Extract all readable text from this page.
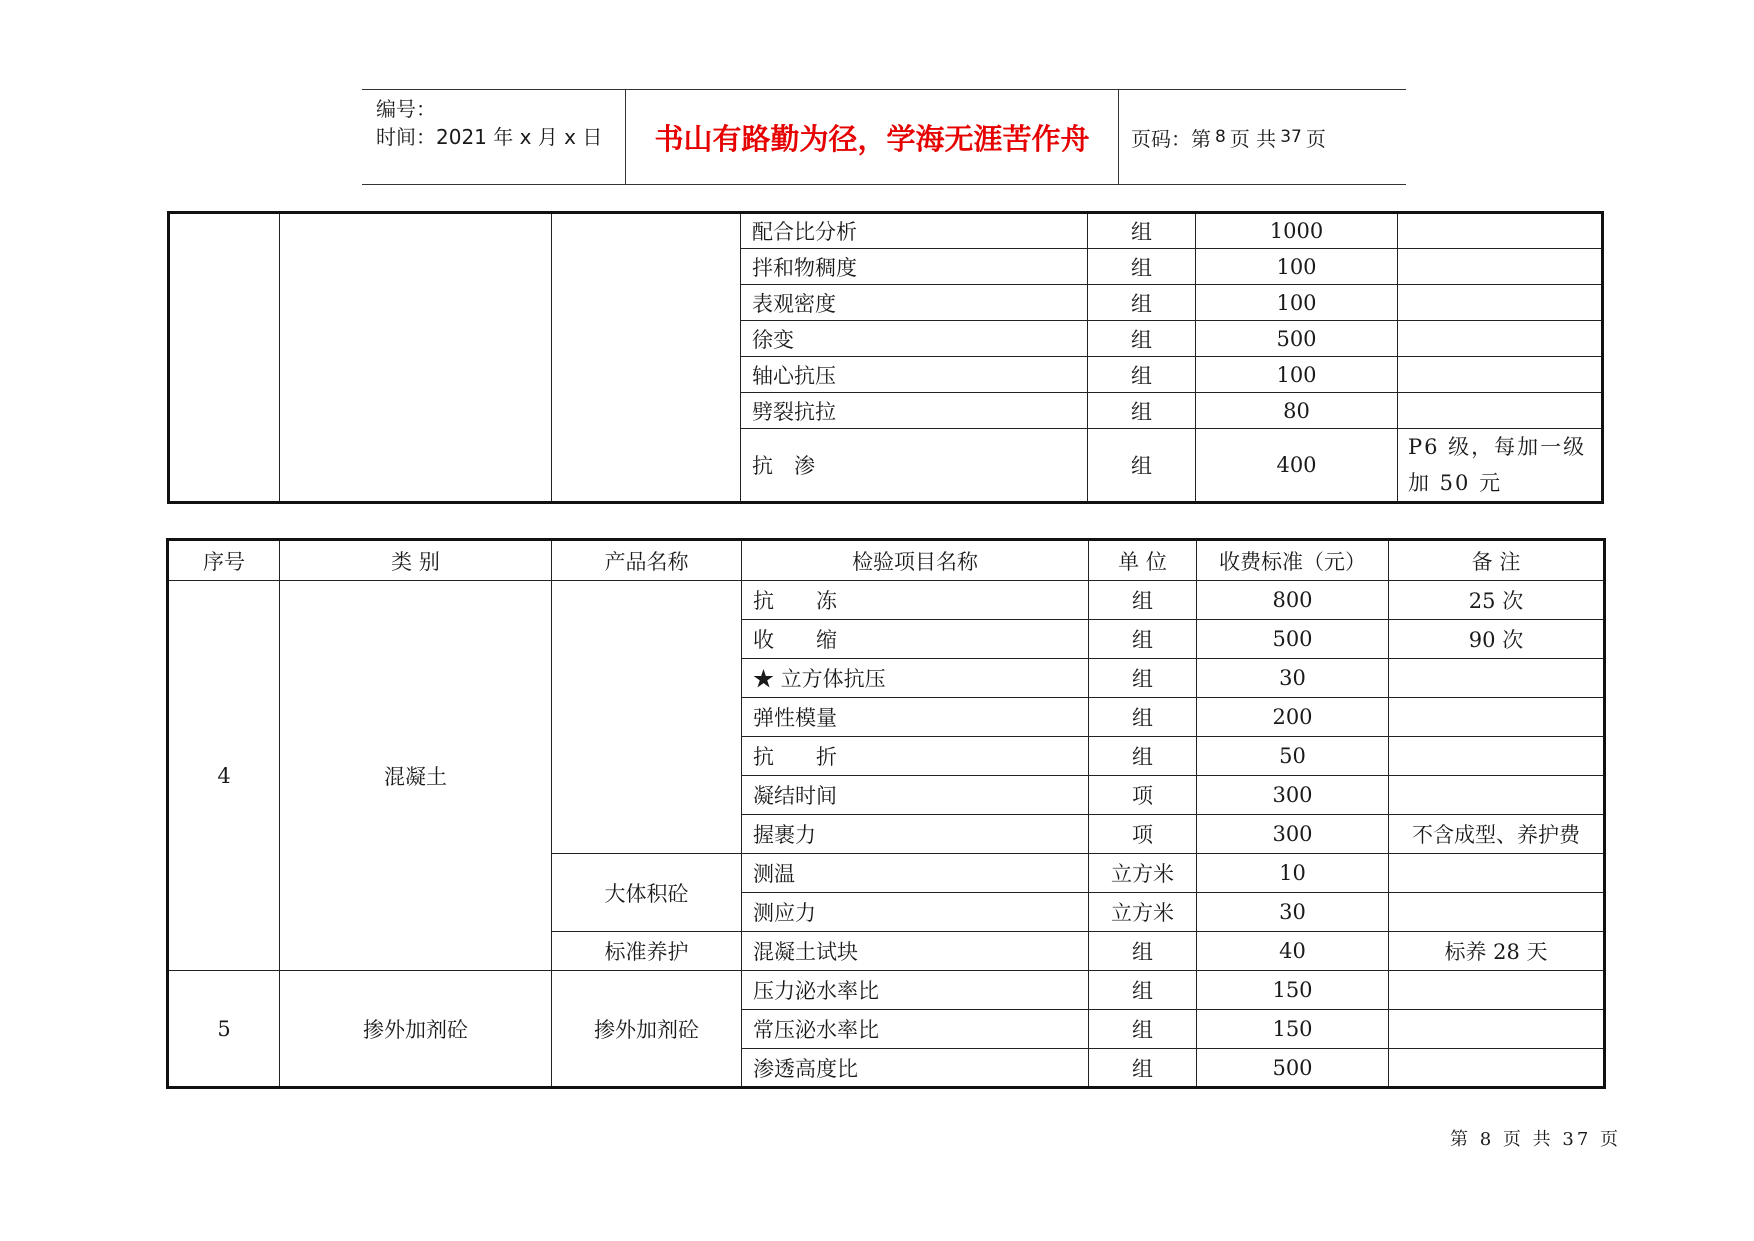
编号：
时间：2021 年 x 月 x 日	书山有路勤为径，学海无涯苦作舟	页码：第 8 页 共 37 页
			配合比分析	组	1000	
			拌和物稠度	组	100	
			表观密度	组	100	
			徐变	组	500	
			轴心抗压	组	100	
			劈裂抗拉	组	80	
			抗　渗	组	400	P6 级，每加一级加 50 元
序号	类 别	产品名称	检验项目名称	单 位	收费标准（元）	备 注
4	混凝土		抗　　冻	组	800	25 次
			收　　缩	组	500	90 次
			★ 立方体抗压	组	30	
			弹性模量	组	200	
			抗　　折	组	50	
			凝结时间	项	300	
			握裹力	项	300	不含成型、养护费
		大体积砼	测温	立方米	10	
			测应力	立方米	30	
		标准养护	混凝土试块	组	40	标养 28 天
5	掺外加剂砼	掺外加剂砼	压力泌水率比	组	150	
			常压泌水率比	组	150	
			渗透高度比	组	500	
第 8 页 共 37 页
